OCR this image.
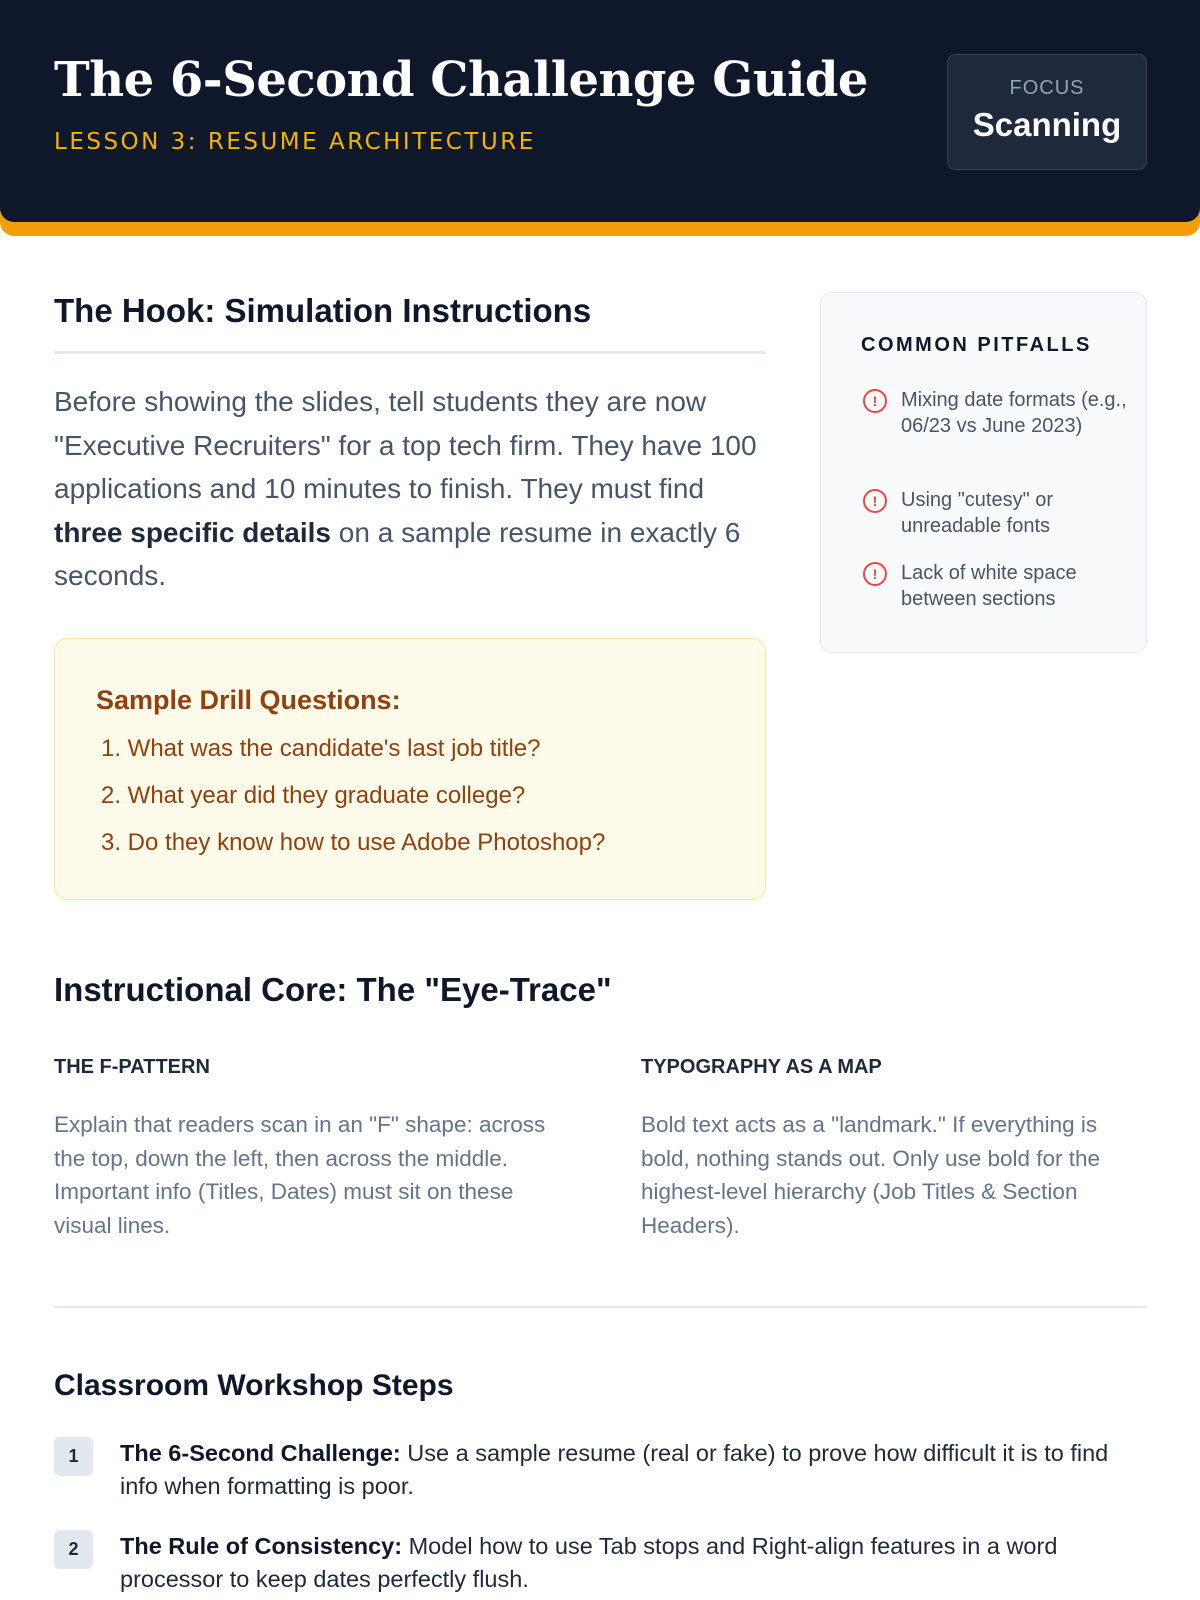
The 6-Second Challenge Guide
LESSON 3: RESUME ARCHITECTURE
FOCUS
Scanning
The Hook: Simulation Instructions

Before showing the slides, tell students they are now "Executive Recruiters" for a top tech firm. They have 100 applications and 10 minutes to finish. They must find three specific details on a sample resume in exactly 6 seconds.

Sample Drill Questions:
1. What was the candidate's last job title?
2. What year did they graduate college?
3. Do they know how to use Adobe Photoshop?
COMMON PITFALLS
!	Mixing date formats (e.g., 06/23 vs June 2023)
!	Using "cutesy" or unreadable fonts
!	Lack of white space between sections
Instructional Core: The "Eye-Trace"
THE F-PATTERN

Explain that readers scan in an "F" shape: across the top, down the left, then across the middle. Important info (Titles, Dates) must sit on these visual lines.

TYPOGRAPHY AS A MAP

Bold text acts as a "landmark." If everything is bold, nothing stands out. Only use bold for the highest-level hierarchy (Job Titles & Section Headers).

Classroom Workshop Steps
1	The 6-Second Challenge: Use a sample resume (real or fake) to prove how difficult it is to find info when formatting is poor.

2	The Rule of Consistency: Model how to use Tab stops and Right-align features in a word processor to keep dates perfectly flush.
